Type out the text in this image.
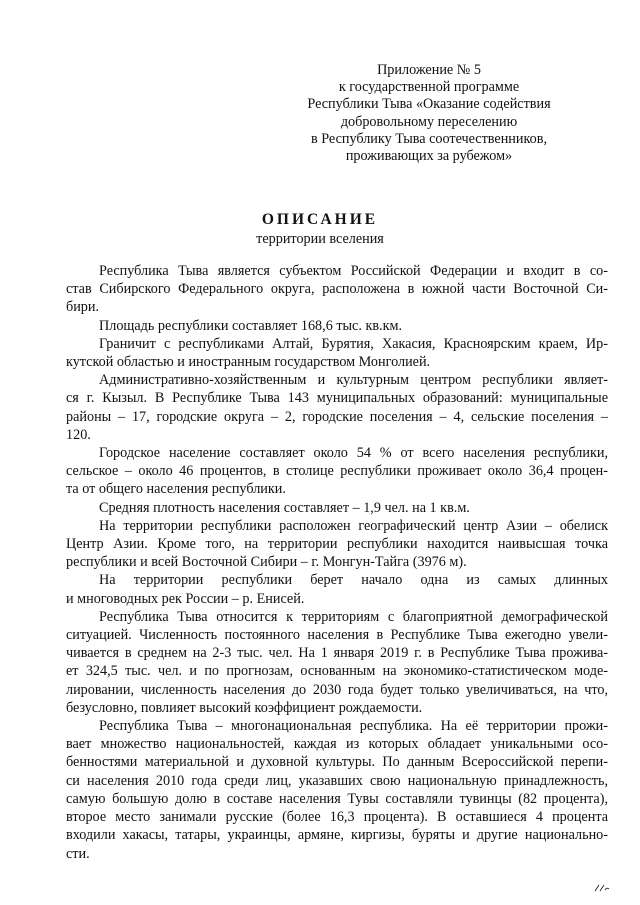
Приложение № 5
к государственной программе
Республики Тыва «Оказание содействия
добровольному переселению
в Республику Тыва соотечественников,
проживающих за рубежом»
ОПИСАНИЕ
территории вселения
Республика Тыва является субъектом Российской Федерации и входит в со-
став Сибирского Федерального округа, расположена в южной части Восточной Си-
бири.
Площадь республики составляет 168,6 тыс. кв.км.
Граничит с республиками Алтай, Бурятия, Хакасия, Красноярским краем, Ир-
кутской областью и иностранным государством Монголией.
Административно-хозяйственным и культурным центром республики являет-
ся г. Кызыл. В Республике Тыва 143 муниципальных образований: муниципальные
районы – 17, городские округа – 2, городские поселения – 4, сельские поселения –
120.
Городское население составляет около 54 % от всего населения республики,
сельское – около 46 процентов, в столице республики проживает около 36,4 процен-
та от общего населения республики.
Средняя плотность населения составляет – 1,9 чел. на 1 кв.м.
На территории республики расположен географический центр Азии – обелиск
Центр Азии. Кроме того, на территории республики находится наивысшая точка
республики и всей Восточной Сибири – г. Монгун-Тайга (3976 м).
На территории республики берет начало одна из самых длинных
и многоводных рек России – р. Енисей.
Республика Тыва относится к территориям с благоприятной демографической
ситуацией. Численность постоянного населения в Республике Тыва ежегодно увели-
чивается в среднем на 2-3 тыс. чел. На 1 января 2019 г. в Республике Тыва прожива-
ет 324,5 тыс. чел. и по прогнозам, основанным на экономико-статистическом моде-
лировании, численность населения до 2030 года будет только увеличиваться, на что,
безусловно, повлияет высокий коэффициент рождаемости.
Республика Тыва – многонациональная республика. На её территории прожи-
вает множество национальностей, каждая из которых обладает уникальными осо-
бенностями материальной и духовной культуры. По данным Всероссийской перепи-
си населения 2010 года среди лиц, указавших свою национальную принадлежность,
самую большую долю в составе населения Тувы составляли тувинцы (82 процента),
второе место занимали русские (более 16,3 процента). В оставшиеся 4 процента
входили хакасы, татары, украинцы, армяне, киргизы, буряты и другие национально-
сти.
